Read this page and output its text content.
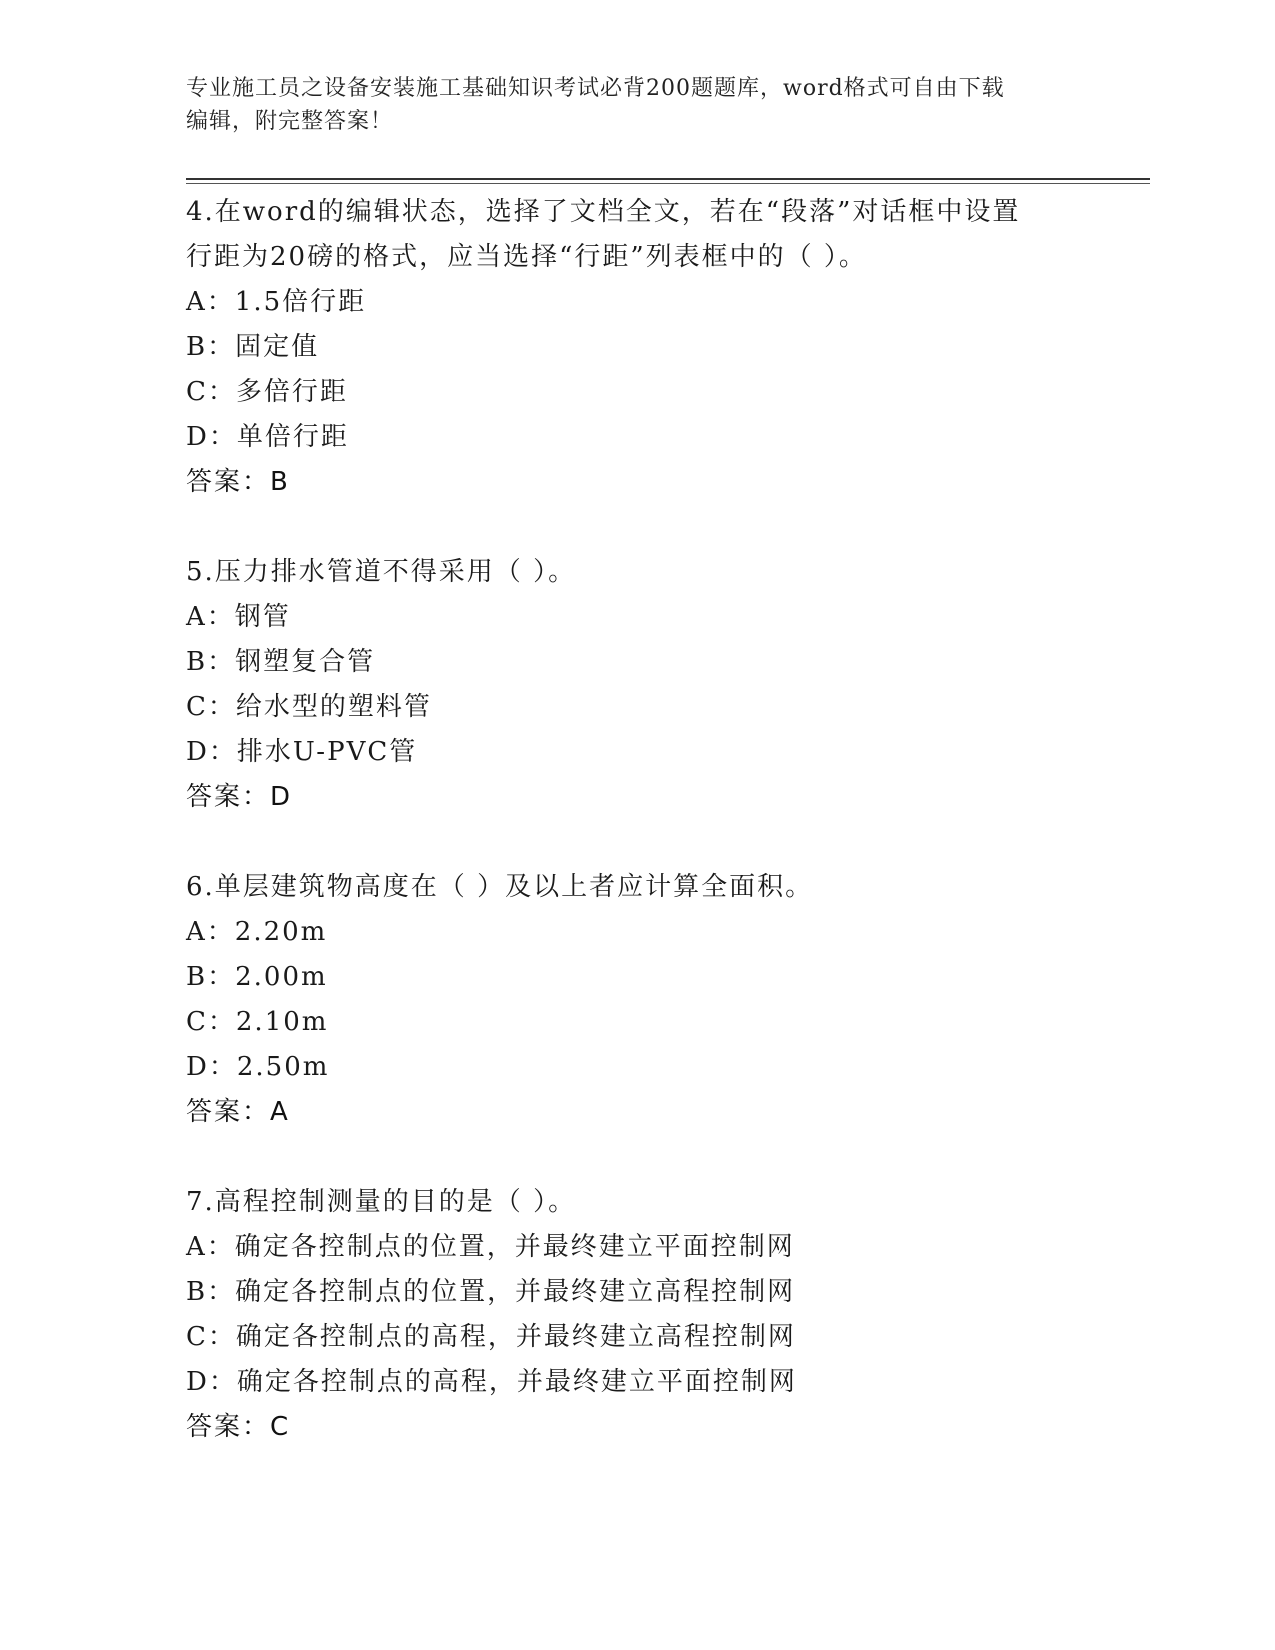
专业施工员之设备安装施工基础知识考试必背200题题库，word格式可自由下载
编辑，附完整答案！
4.在word的编辑状态，选择了文档全文，若在“段落”对话框中设置
行距为20磅的格式，应当选择“行距”列表框中的（ ）。
A：1.5倍行距
B：固定值
C：多倍行距
D：单倍行距
答案：B
5.压力排水管道不得采用（ ）。
A：钢管
B：钢塑复合管
C：给水型的塑料管
D：排水U-PVC管
答案：D
6.单层建筑物高度在（ ）及以上者应计算全面积。
A：2.20m
B：2.00m
C：2.10m
D：2.50m
答案：A
7.高程控制测量的目的是（ ）。
A：确定各控制点的位置，并最终建立平面控制网
B：确定各控制点的位置，并最终建立高程控制网
C：确定各控制点的高程，并最终建立高程控制网
D：确定各控制点的高程，并最终建立平面控制网
答案：C
